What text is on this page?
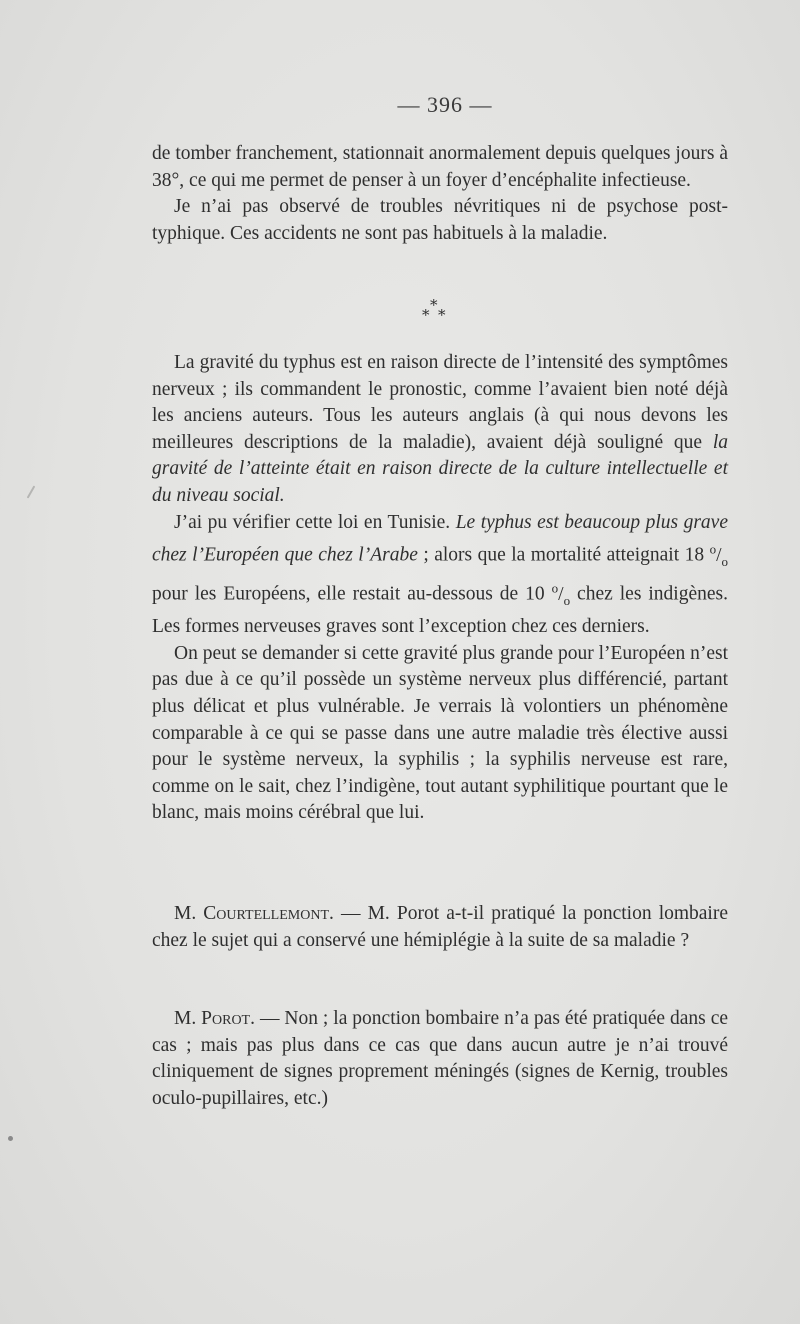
— 396 —

de tomber franchement, stationnait anormalement depuis quelques jours à 38°, ce qui me permet de penser à un foyer d’encéphalite infectieuse.

Je n’ai pas observé de troubles névritiques ni de psychose post-typhique. Ces accidents ne sont pas habituels à la maladie.

*
* *

La gravité du typhus est en raison directe de l’intensité des symptômes nerveux ; ils commandent le pronostic, comme l’avaient bien noté déjà les anciens auteurs. Tous les auteurs anglais (à qui nous devons les meilleures descriptions de la maladie), avaient déjà souligné que la gravité de l’atteinte était en raison directe de la culture intellectuelle et du niveau social.

J’ai pu vérifier cette loi en Tunisie. Le typhus est beaucoup plus grave chez l’Européen que chez l’Arabe ; alors que la mortalité atteignait 18 $^o/_o$ pour les Européens, elle restait au-dessous de 10 $^o/_o$ chez les indigènes. Les formes nerveuses graves sont l’exception chez ces derniers.

On peut se demander si cette gravité plus grande pour l’Européen n’est pas due à ce qu’il possède un système nerveux plus différencié, partant plus délicat et plus vulnérable. Je verrais là volontiers un phénomène comparable à ce qui se passe dans une autre maladie très élective aussi pour le système nerveux, la syphilis ; la syphilis nerveuse est rare, comme on le sait, chez l’indigène, tout autant syphilitique pourtant que le blanc, mais moins cérébral que lui.

M. Courtellemont. — M. Porot a-t-il pratiqué la ponction lombaire chez le sujet qui a conservé une hémiplégie à la suite de sa maladie ?

M. Porot. — Non ; la ponction bombaire n’a pas été pratiquée dans ce cas ; mais pas plus dans ce cas que dans aucun autre je n’ai trouvé cliniquement de signes proprement méningés (signes de Kernig, troubles oculo-pupillaires, etc.)
